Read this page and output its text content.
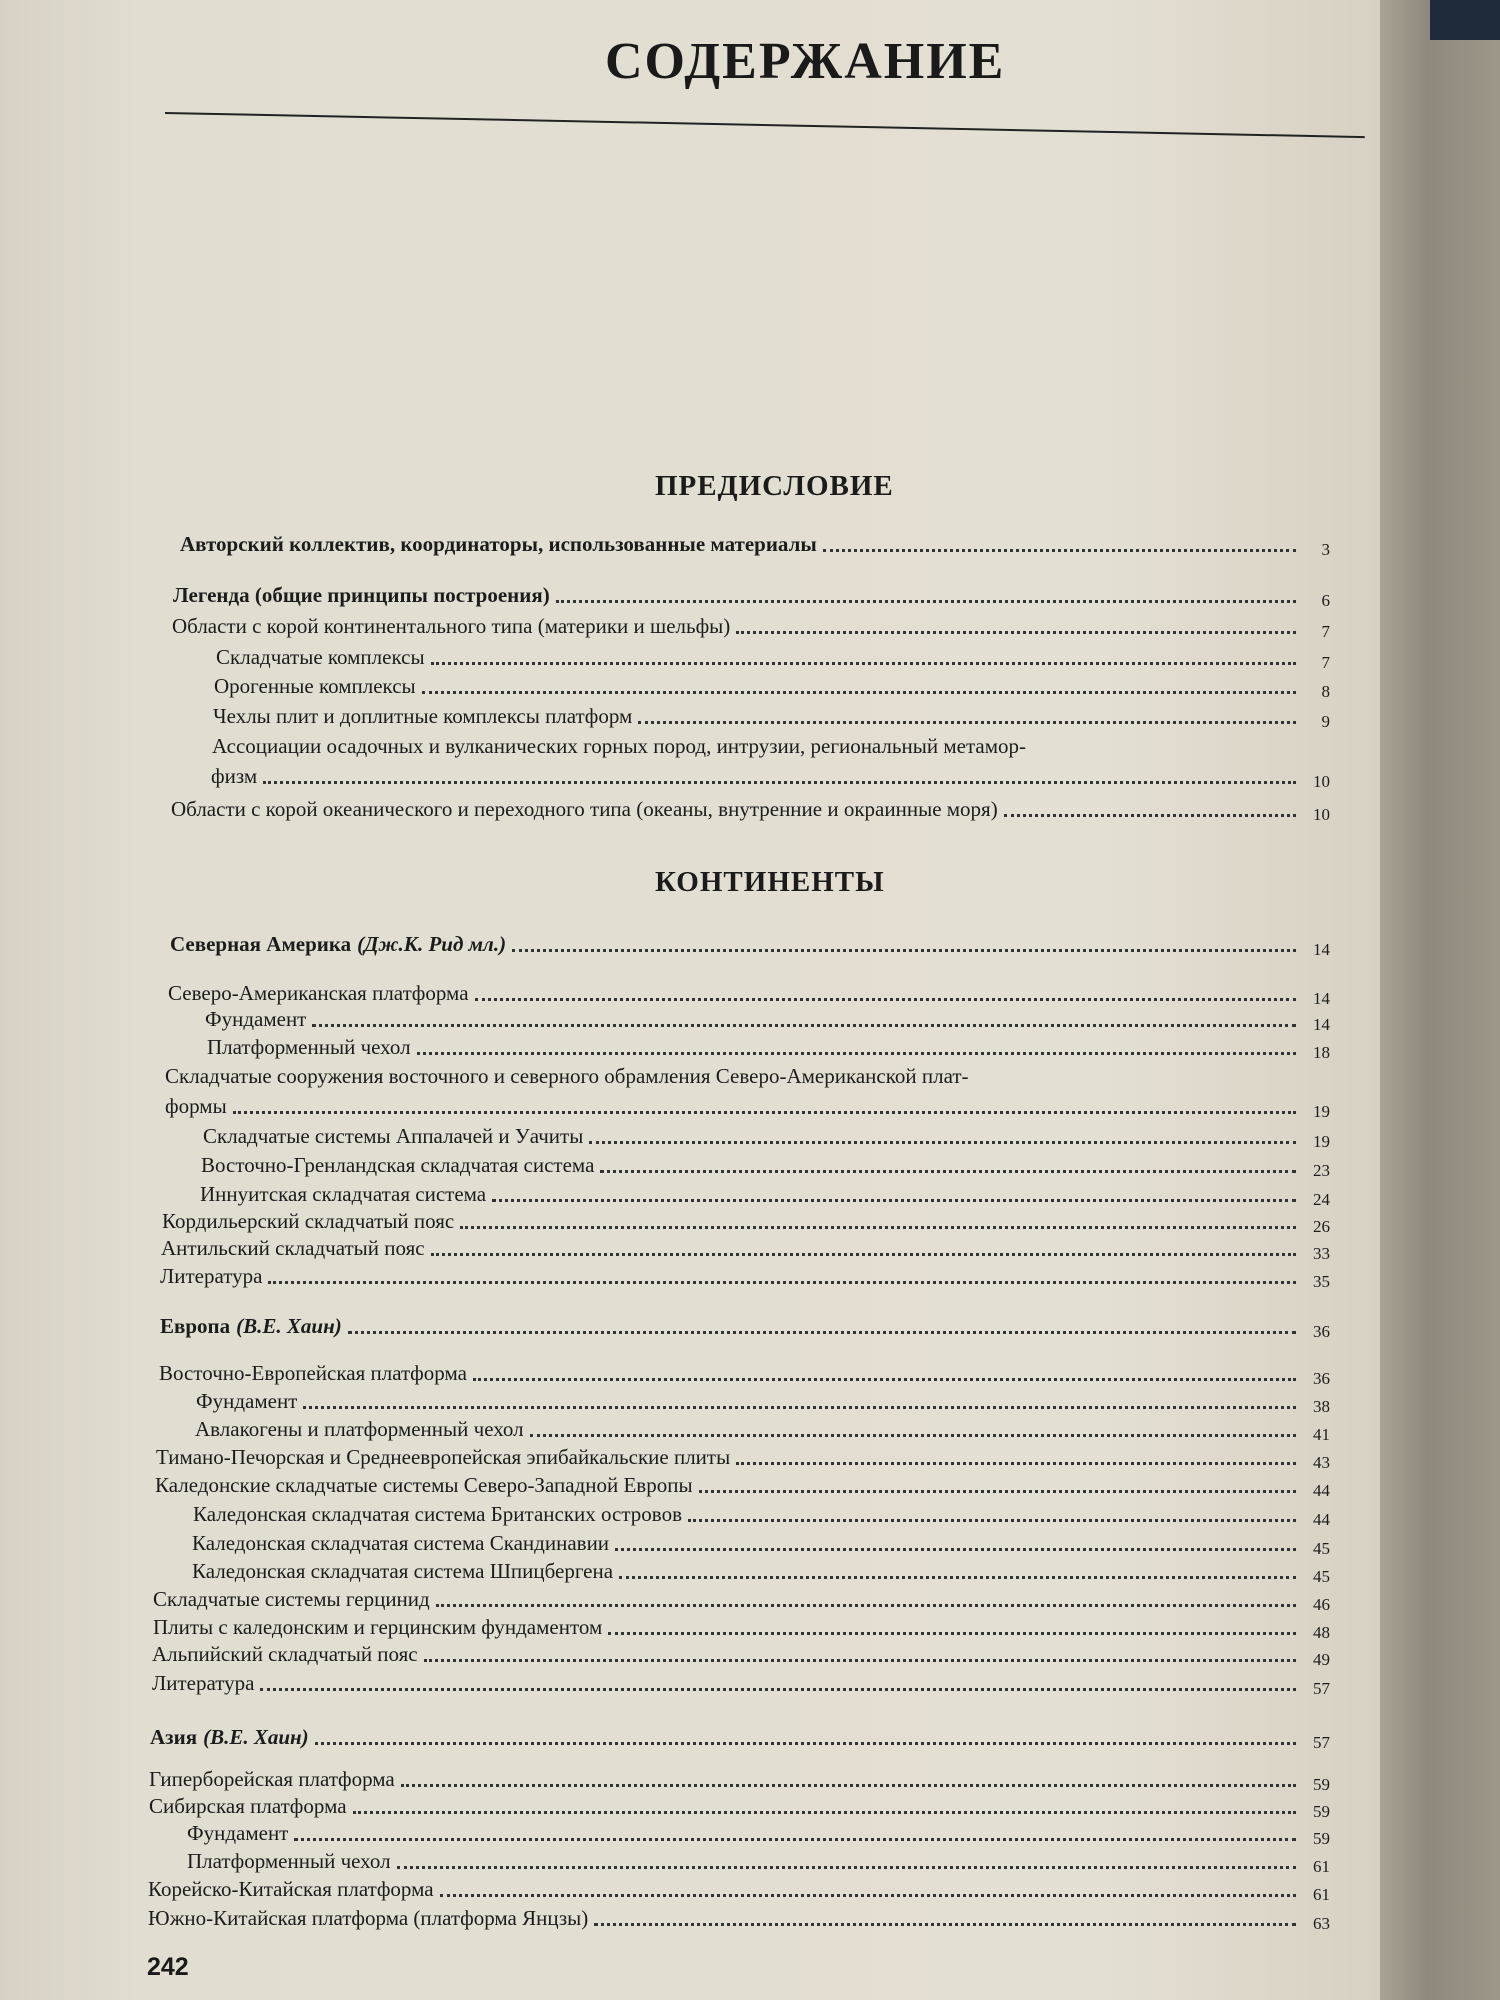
СОДЕРЖАНИЕ
ПРЕДИСЛОВИЕ
КОНТИНЕНТЫ
Авторский коллектив, координаторы, использованные материалы	3
Легенда (общие принципы построения)	6
Области с корой континентального типа (материки и шельфы)	7
Складчатые комплексы	7
Орогенные комплексы	8
Чехлы плит и доплитные комплексы платформ	9
Ассоциации осадочных и вулканических горных пород, интрузии, региональный метамор-
физм	10
Области с корой океанического и переходного типа (океаны, внутренние и окраинные моря)	10
Северная Америка (Дж.К. Рид мл.)	14
Северо-Американская платформа	14
Фундамент	14
Платформенный чехол	18
Складчатые сооружения восточного и северного обрамления Северо-Американской плат-
формы	19
Складчатые системы Аппалачей и Уачиты	19
Восточно-Гренландская складчатая система	23
Иннуитская складчатая система	24
Кордильерский складчатый пояс	26
Антильский складчатый пояс	33
Литература	35
Европа (В.Е. Хаин)	36
Восточно-Европейская платформа	36
Фундамент	38
Авлакогены и платформенный чехол	41
Тимано-Печорская и Среднеевропейская эпибайкальские плиты	43
Каледонские складчатые системы Северо-Западной Европы	44
Каледонская складчатая система Британских островов	44
Каледонская складчатая система Скандинавии	45
Каледонская складчатая система Шпицбергена	45
Складчатые системы герцинид	46
Плиты с каледонским и герцинским фундаментом	48
Альпийский складчатый пояс	49
Литература	57
Азия (В.Е. Хаин)	57
Гиперборейская платформа	59
Сибирская платформа	59
Фундамент	59
Платформенный чехол	61
Корейско-Китайская платформа	61
Южно-Китайская платформа (платформа Янцзы)	63
242
